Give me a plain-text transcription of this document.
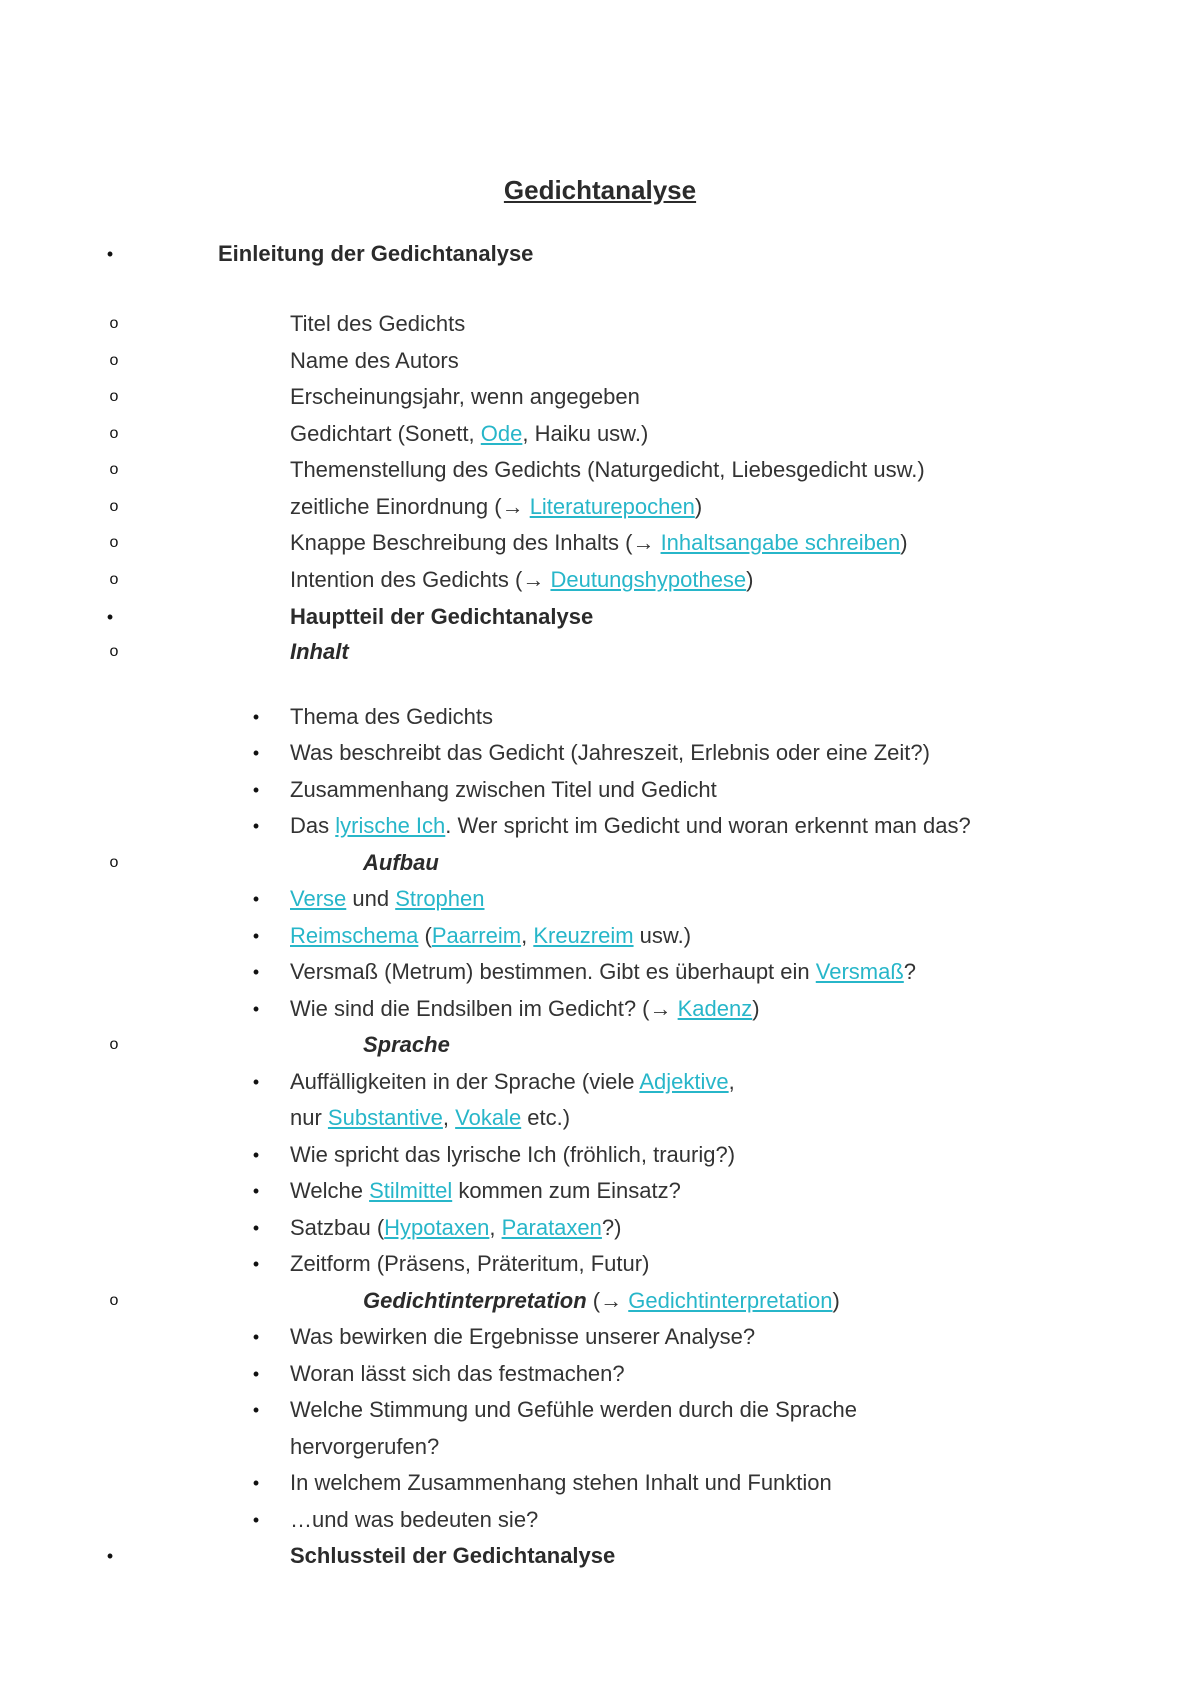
Gedichtanalyse
•	Einleitung der Gedichtanalyse
o	Titel des Gedichts
o	Name des Autors
o	Erscheinungsjahr, wenn angegeben
o	Gedichtart (Sonett, Ode, Haiku usw.)
o	Themenstellung des Gedichts (Naturgedicht, Liebesgedicht usw.)
o	zeitliche Einordnung (→ Literaturepochen)
o	Knappe Beschreibung des Inhalts (→ Inhaltsangabe schreiben)
o	Intention des Gedichts (→ Deutungshypothese)
•	Hauptteil der Gedichtanalyse
o	Inhalt
•	Thema des Gedichts
•	Was beschreibt das Gedicht (Jahreszeit, Erlebnis oder eine Zeit?)
•	Zusammenhang zwischen Titel und Gedicht
•	Das lyrische Ich. Wer spricht im Gedicht und woran erkennt man das?
o	Aufbau
•	Verse und Strophen
•	Reimschema (Paarreim, Kreuzreim usw.)
•	Versmaß (Metrum) bestimmen. Gibt es überhaupt ein Versmaß?
•	Wie sind die Endsilben im Gedicht? (→ Kadenz)
o	Sprache
•	Auffälligkeiten in der Sprache (viele Adjektive,
nur Substantive, Vokale etc.)
•	Wie spricht das lyrische Ich (fröhlich, traurig?)
•	Welche Stilmittel kommen zum Einsatz?
•	Satzbau (Hypotaxen, Parataxen?)
•	Zeitform (Präsens, Präteritum, Futur)
o	Gedichtinterpretation (→ Gedichtinterpretation)
•	Was bewirken die Ergebnisse unserer Analyse?
•	Woran lässt sich das festmachen?
•	Welche Stimmung und Gefühle werden durch die Sprache
hervorgerufen?
•	In welchem Zusammenhang stehen Inhalt und Funktion
•	…und was bedeuten sie?
•	Schlussteil der Gedichtanalyse
